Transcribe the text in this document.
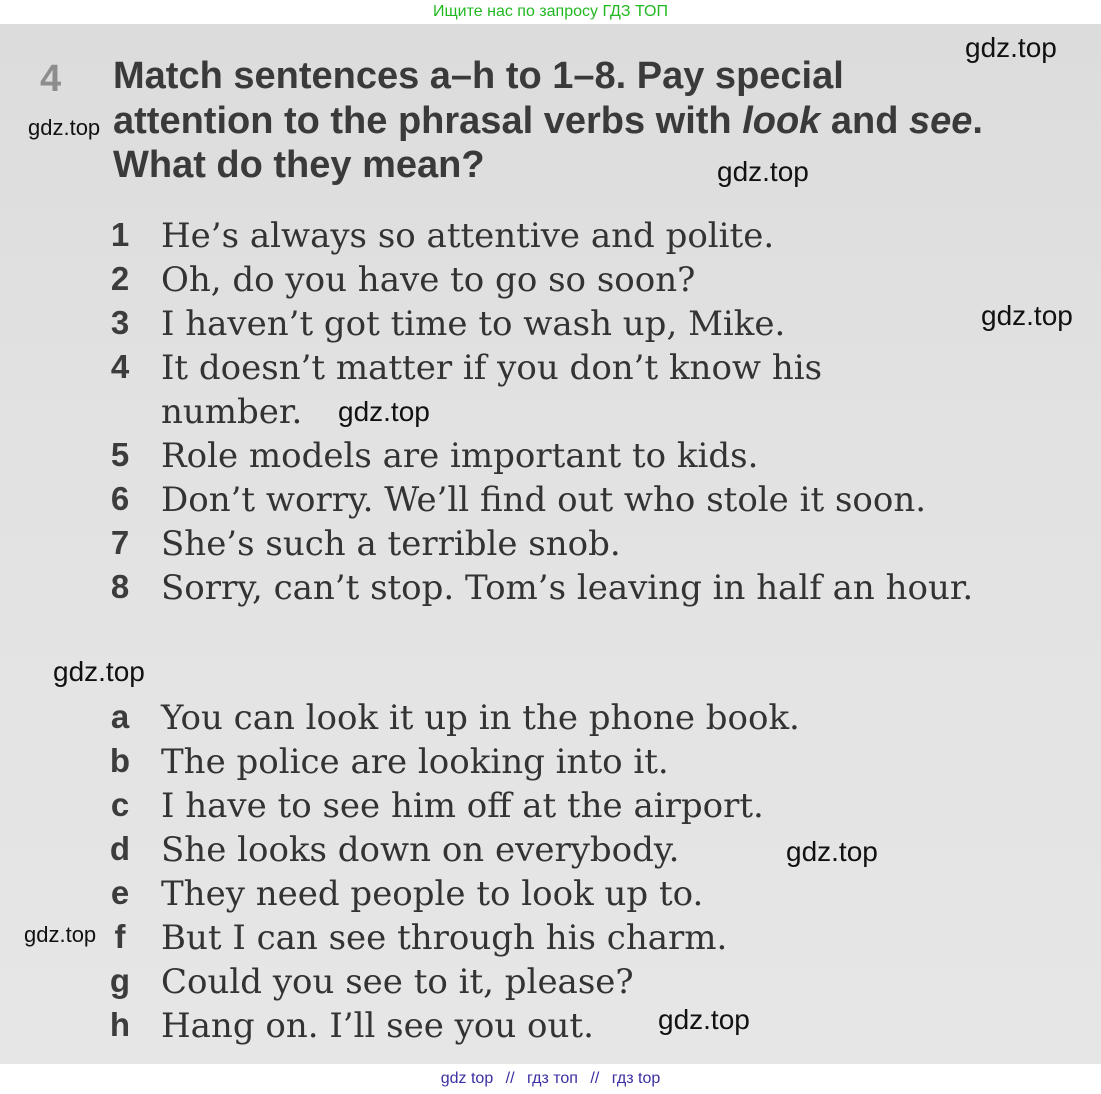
Ищите нас по запросу ГДЗ ТОП
4 Match sentences a–h to 1–8. Pay special attention to the phrasal verbs with look and see. What do they mean?
1 He’s always so attentive and polite.
2 Oh, do you have to go so soon?
3 I haven’t got time to wash up, Mike.
4 It doesn’t matter if you don’t know his number.
5 Role models are important to kids.
6 Don’t worry. We’ll find out who stole it soon.
7 She’s such a terrible snob.
8 Sorry, can’t stop. Tom’s leaving in half an hour.
a You can look it up in the phone book.
b The police are looking into it.
c I have to see him off at the airport.
d She looks down on everybody.
e They need people to look up to.
f But I can see through his charm.
g Could you see to it, please?
h Hang on. I’ll see you out.
gdz.top
gdz.top
gdz.top
gdz.top
gdz.top
gdz.top
gdz.top
gdz.top
gdz.top
gdz top // гдз топ // гдз top
